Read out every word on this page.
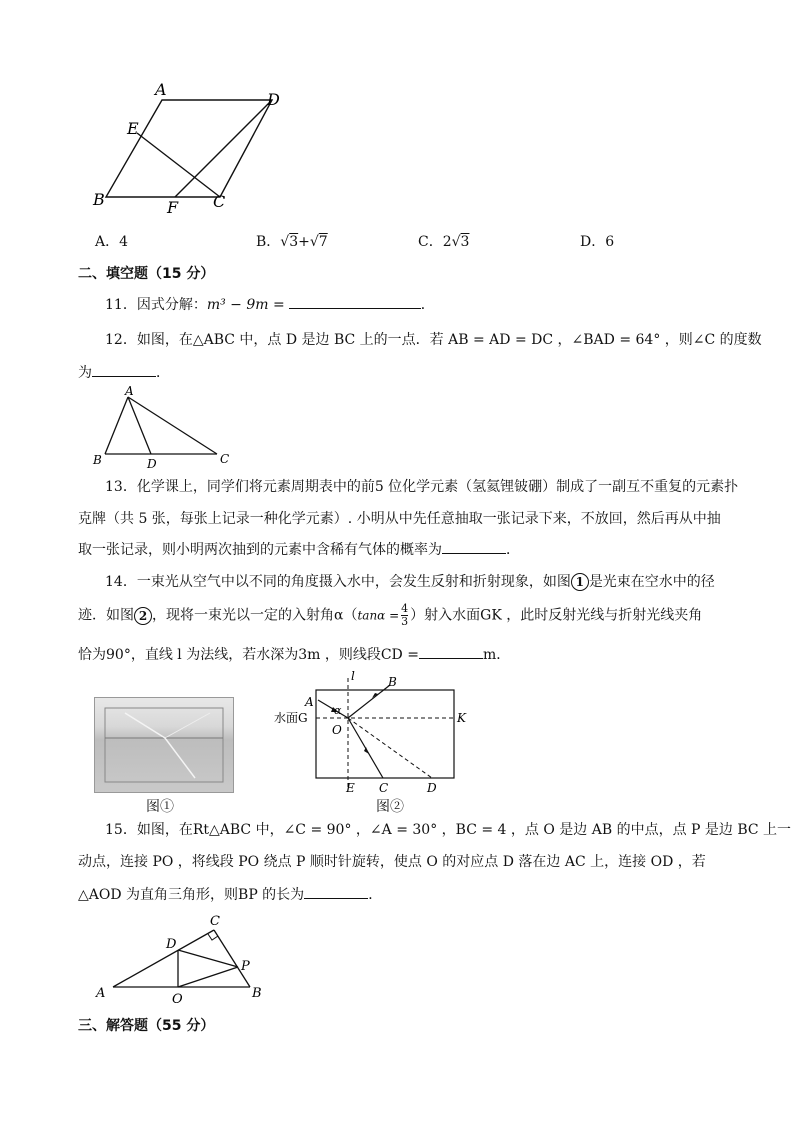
A
D
E
B	F C
A．4	B．√3+√7	C．2√3	D．6
二、填空题（15 分）
11．因式分解：m³ − 9m =	．
12．如图，在△ABC 中，点 D 是边 BC 上的一点．若 AB = AD = DC ，∠BAD = 64° ，则∠C 的度数
为	．
A
B	D	C
13．化学课上，同学们将元素周期表中的前5 位化学元素（氢氦锂铍硼）制成了一副互不重复的元素扑
克牌（共 5 张，每张上记录一种化学元素）. 小明从中先任意抽取一张记录下来，不放回，然后再从中抽
取一张记录，则小明两次抽到的元素中含稀有气体的概率为	．
14．一束光从空气中以不同的角度摄入水中，会发生反射和折射现象，如图 1 是光束在空水中的径
迹．如图 2 ，现将一束光以一定的入射角$\alpha(\tan\alpha = \frac{4}{3}$ ）射入水面GK ，此时反射光线与折射光线夹角
恰为90°，直线 l 为法线，若水深为3m ，则线段CD =	m．
图①
l
A
B
α
水面G
O
K
E C	D
图②
15．如图，在Rt△ABC 中，∠C = 90° ，∠A = 30° ，BC = 4 ，点 O 是边 AB 的中点，点 P 是边 BC 上一
动点，连接 PO ，将线段 PO 绕点 P 顺时针旋转，使点 O 的对应点 D 落在边 AC 上，连接 OD ，若
△AOD 为直角三角形，则BP 的长为	．
C
D
P
A	O	B
三、解答题（55 分）
